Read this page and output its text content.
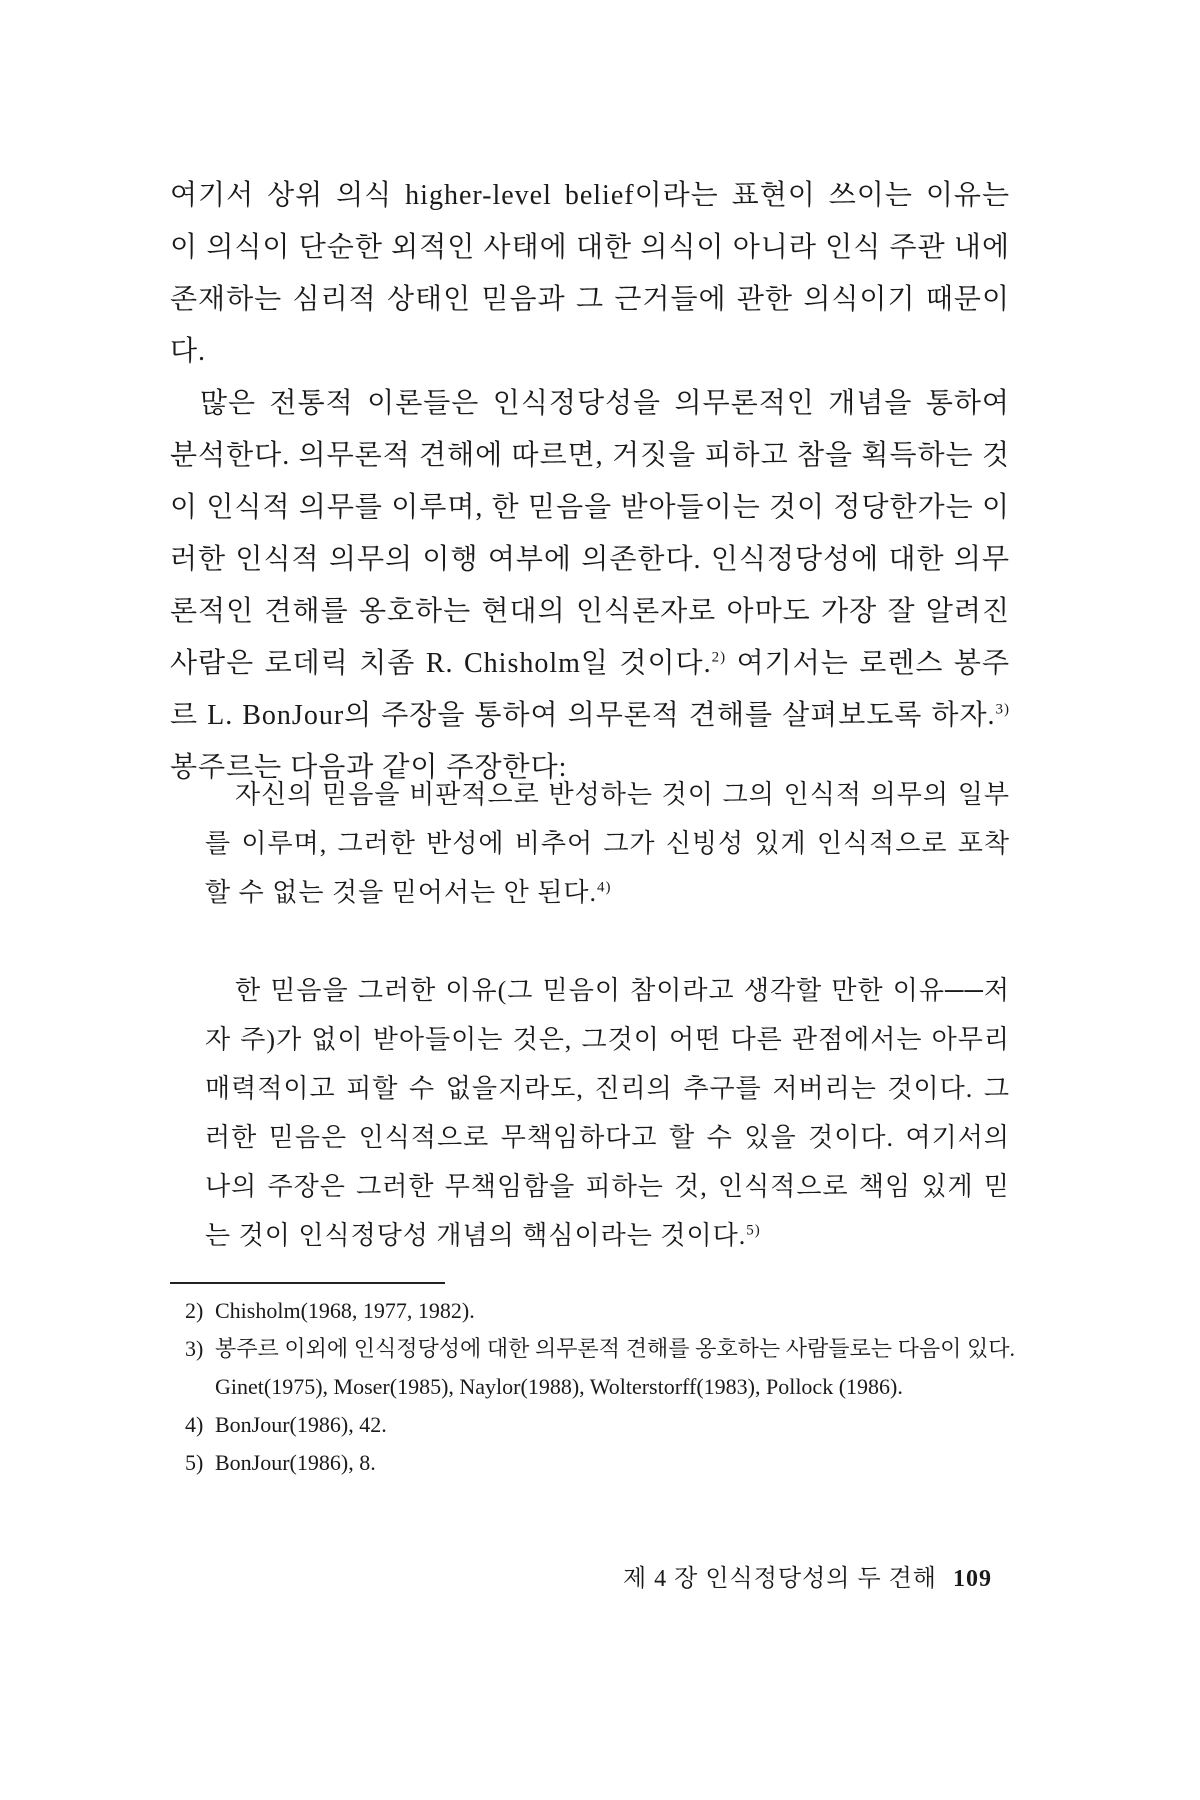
여기서 상위 의식 higher-level belief이라는 표현이 쓰이는 이유는 이 의식이 단순한 외적인 사태에 대한 의식이 아니라 인식 주관 내에 존재하는 심리적 상태인 믿음과 그 근거들에 관한 의식이기 때문이다.

많은 전통적 이론들은 인식정당성을 의무론적인 개념을 통하여 분석한다. 의무론적 견해에 따르면, 거짓을 피하고 참을 획득하는 것이 인식적 의무를 이루며, 한 믿음을 받아들이는 것이 정당한가는 이러한 인식적 의무의 이행 여부에 의존한다. 인식정당성에 대한 의무론적인 견해를 옹호하는 현대의 인식론자로 아마도 가장 잘 알려진 사람은 로데릭 치좀 R. Chisholm일 것이다.$^{2)}$ 여기서는 로렌스 봉주르 L. BonJour의 주장을 통하여 의무론적 견해를 살펴보도록 하자.$^{3)}$ 봉주르는 다음과 같이 주장한다:

자신의 믿음을 비판적으로 반성하는 것이 그의 인식적 의무의 일부를 이루며, 그러한 반성에 비추어 그가 신빙성 있게 인식적으로 포착할 수 없는 것을 믿어서는 안 된다.$^{4)}$

한 믿음을 그러한 이유(그 믿음이 참이라고 생각할 만한 이유──저자 주)가 없이 받아들이는 것은, 그것이 어떤 다른 관점에서는 아무리 매력적이고 피할 수 없을지라도, 진리의 추구를 저버리는 것이다. 그러한 믿음은 인식적으로 무책임하다고 할 수 있을 것이다. 여기서의 나의 주장은 그러한 무책임함을 피하는 것, 인식적으로 책임 있게 믿는 것이 인식정당성 개념의 핵심이라는 것이다.$^{5)}$

2) Chisholm(1968, 1977, 1982).
3) 봉주르 이외에 인식정당성에 대한 의무론적 견해를 옹호하는 사람들로는 다음이 있다. Ginet(1975), Moser(1985), Naylor(1988), Wolterstorff(1983), Pollock (1986).
4) BonJour(1986), 42.
5) BonJour(1986), 8.
제 4 장 인식정당성의 두 견해 109
